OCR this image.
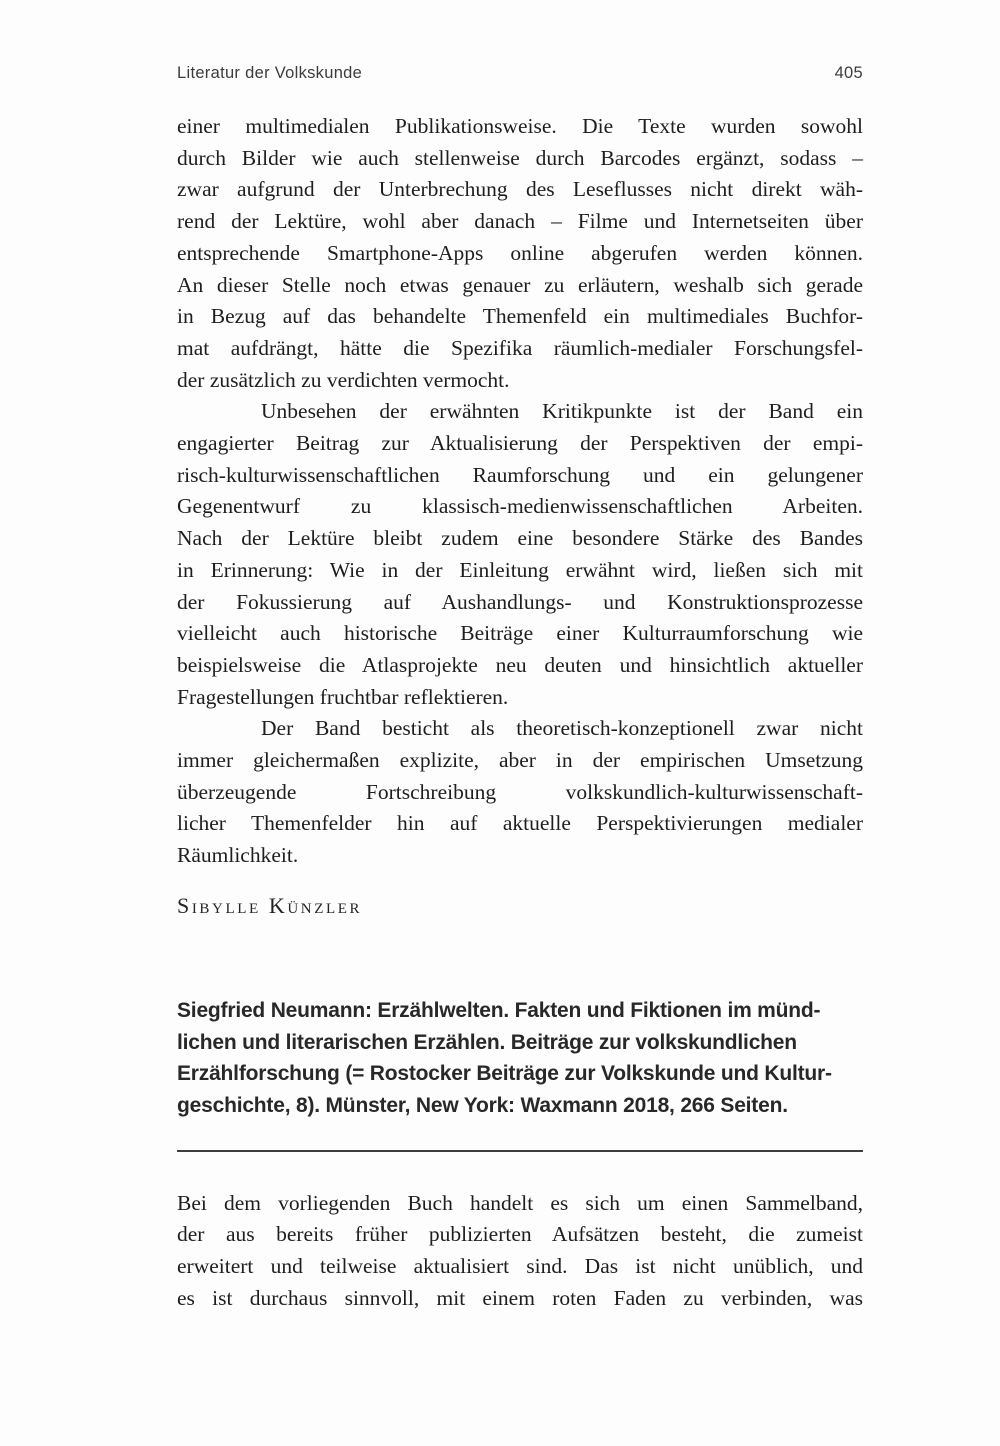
Literatur der Volkskunde	405
einer multimedialen Publikationsweise. Die Texte wurden sowohl
durch Bilder wie auch stellenweise durch Barcodes ergänzt, sodass –
zwar aufgrund der Unterbrechung des Leseflusses nicht direkt wäh-
rend der Lektüre, wohl aber danach – Filme und Internetseiten über
entsprechende Smartphone-Apps online abgerufen werden können.
An dieser Stelle noch etwas genauer zu erläutern, weshalb sich gerade
in Bezug auf das behandelte Themenfeld ein multimediales Buchfor-
mat aufdrängt, hätte die Spezifika räumlich-medialer Forschungsfel-
der zusätzlich zu verdichten vermocht.
Unbesehen der erwähnten Kritikpunkte ist der Band ein
engagierter Beitrag zur Aktualisierung der Perspektiven der empi-
risch-kulturwissenschaftlichen Raumforschung und ein gelungener
Gegenentwurf zu klassisch-medienwissenschaftlichen Arbeiten.
Nach der Lektüre bleibt zudem eine besondere Stärke des Bandes
in Erinnerung: Wie in der Einleitung erwähnt wird, ließen sich mit
der Fokussierung auf Aushandlungs- und Konstruktionsprozesse
vielleicht auch historische Beiträge einer Kulturraumforschung wie
beispielsweise die Atlasprojekte neu deuten und hinsichtlich aktueller
Fragestellungen fruchtbar reflektieren.
Der Band besticht als theoretisch-konzeptionell zwar nicht
immer gleichermaßen explizite, aber in der empirischen Umsetzung
überzeugende Fortschreibung volkskundlich-kulturwissenschaft-
licher Themenfelder hin auf aktuelle Perspektivierungen medialer
Räumlichkeit.
Sibylle Künzler
Siegfried Neumann: Erzählwelten. Fakten und Fiktionen im münd-
lichen und literarischen Erzählen. Beiträge zur volkskundlichen
Erzählforschung (= Rostocker Beiträge zur Volkskunde und Kultur-
geschichte, 8). Münster, New York: Waxmann 2018, 266 Seiten.
Bei dem vorliegenden Buch handelt es sich um einen Sammelband,
der aus bereits früher publizierten Aufsätzen besteht, die zumeist
erweitert und teilweise aktualisiert sind. Das ist nicht unüblich, und
es ist durchaus sinnvoll, mit einem roten Faden zu verbinden, was
